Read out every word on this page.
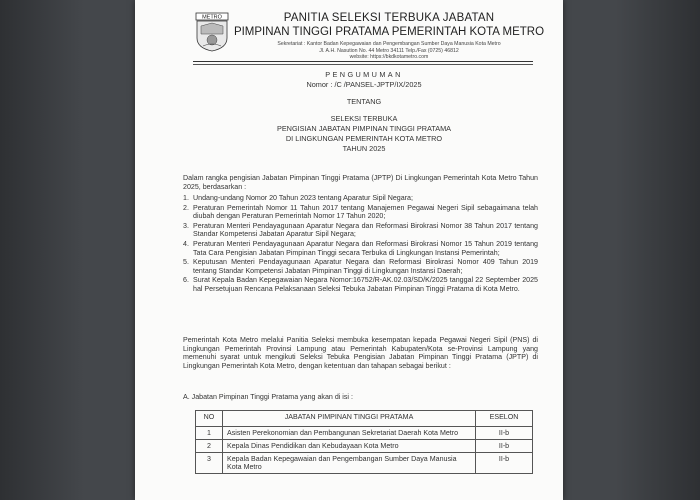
METRO	PANITIA SELEKSI TERBUKA JABATAN
PIMPINAN TINGGI PRATAMA PEMERINTAH KOTA METRO
Sekretariat : Kantor Badan Kepegawaian dan Pengembangan Sumber Daya Manusia Kota Metro
Jl. A.H. Nasution No. 44 Metro 34111 Telp./Fax (0725) 46812
website: https://bkdkotametro.com
PENGUMUMAN
Nomor : /C /PANSEL-JPTP/IX/2025
TENTANG
SELEKSI TERBUKA
PENGISIAN JABATAN PIMPINAN TINGGI PRATAMA
DI LINGKUNGAN PEMERINTAH KOTA METRO
TAHUN 2025
Dalam rangka pengisian Jabatan Pimpinan Tinggi Pratama (JPTP) Di Lingkungan Pemerintah Kota Metro Tahun 2025, berdasarkan :
1. Undang-undang Nomor 20 Tahun 2023 tentang Aparatur Sipil Negara;
2. Peraturan Pemerintah Nomor 11 Tahun 2017 tentang Manajemen Pegawai Negeri Sipil sebagaimana telah diubah dengan Peraturan Pemerintah Nomor 17 Tahun 2020;
3. Peraturan Menteri Pendayagunaan Aparatur Negara dan Reformasi Birokrasi Nomor 38 Tahun 2017 tentang Standar Kompetensi Jabatan Aparatur Sipil Negara;
4. Peraturan Menteri Pendayagunaan Aparatur Negara dan Reformasi Birokrasi Nomor 15 Tahun 2019 tentang Tata Cara Pengisian Jabatan Pimpinan Tinggi secara Terbuka di Lingkungan Instansi Pemerintah;
5. Keputusan Menteri Pendayagunaan Aparatur Negara dan Reformasi Birokrasi Nomor 409 Tahun 2019 tentang Standar Kompetensi Jabatan Pimpinan Tinggi di Lingkungan Instansi Daerah;
6. Surat Kepala Badan Kepegawaian Negara Nomor:16752/R-AK.02.03/SD/K/2025 tanggal 22 September 2025 hal Persetujuan Rencana Pelaksanaan Seleksi Tebuka Jabatan Pimpinan Tinggi Pratama di Kota Metro.
Pemerintah Kota Metro melalui Panitia Seleksi membuka kesempatan kepada Pegawai Negeri Sipil (PNS) di Lingkungan Pemerintah Provinsi Lampung atau Pemerintah Kabupaten/Kota se-Provinsi Lampung yang memenuhi syarat untuk mengikuti Seleksi Tebuka Pengisian Jabatan Pimpinan Tinggi Pratama (JPTP) di Lingkungan Pemerintah Kota Metro, dengan ketentuan dan tahapan sebagai berikut :
A. Jabatan Pimpinan Tinggi Pratama yang akan di isi :
NO	JABATAN PIMPINAN TINGGI PRATAMA	ESELON
1	Asisten Perekonomian dan Pembangunan Sekretariat Daerah Kota Metro	II-b
2	Kepala Dinas Pendidikan dan Kebudayaan Kota Metro	II-b
3	Kepala Badan Kepegawaian dan Pengembangan Sumber Daya Manusia Kota Metro	II-b
